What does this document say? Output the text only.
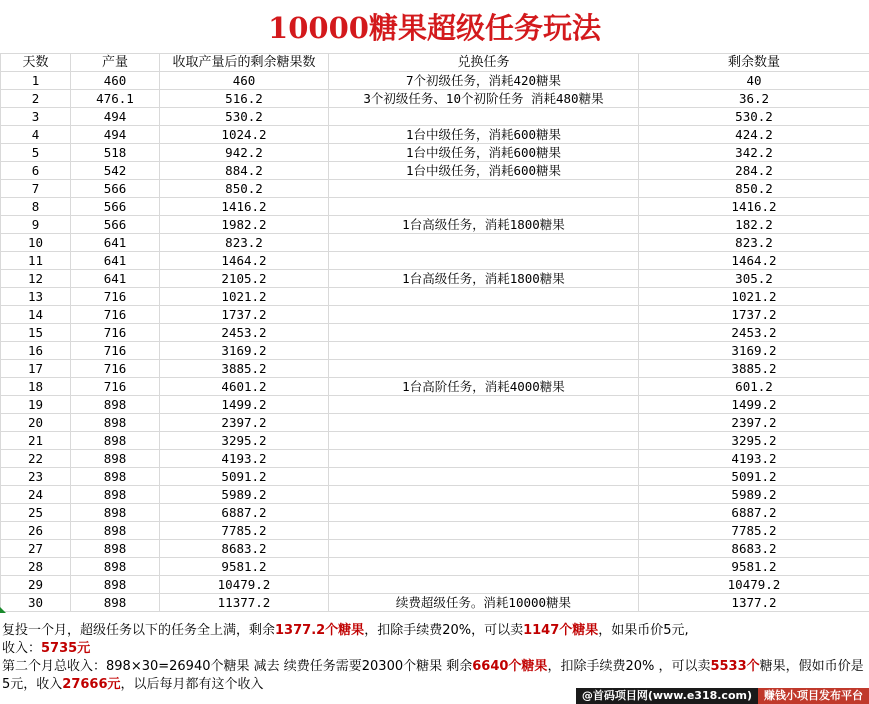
10000糖果超级任务玩法
天数	产量	收取产量后的剩余糖果数	兑换任务	剩余数量
1	460	460	7个初级任务，消耗420糖果	40
2	476.1	516.2	3个初级任务、10个初阶任务 消耗480糖果	36.2
3	494	530.2		530.2
4	494	1024.2	1台中级任务，消耗600糖果	424.2
5	518	942.2	1台中级任务，消耗600糖果	342.2
6	542	884.2	1台中级任务，消耗600糖果	284.2
7	566	850.2		850.2
8	566	1416.2		1416.2
9	566	1982.2	1台高级任务，消耗1800糖果	182.2
10	641	823.2		823.2
11	641	1464.2		1464.2
12	641	2105.2	1台高级任务，消耗1800糖果	305.2
13	716	1021.2		1021.2
14	716	1737.2		1737.2
15	716	2453.2		2453.2
16	716	3169.2		3169.2
17	716	3885.2		3885.2
18	716	4601.2	1台高阶任务，消耗4000糖果	601.2
19	898	1499.2		1499.2
20	898	2397.2		2397.2
21	898	3295.2		3295.2
22	898	4193.2		4193.2
23	898	5091.2		5091.2
24	898	5989.2		5989.2
25	898	6887.2		6887.2
26	898	7785.2		7785.2
27	898	8683.2		8683.2
28	898	9581.2		9581.2
29	898	10479.2		10479.2
30	898	11377.2	续费超级任务。消耗10000糖果	1377.2

复投一个月，超级任务以下的任务全上满，剩余1377.2个糖果，扣除手续费20%，可以卖1147个糖果，如果币价5元,

收入：5735元

第二个月总收入：898×30=26940个糖果 减去 续费任务需要20300个糖果 剩余6640个糖果，扣除手续费20% ，可以卖5533个糖果，假如币价是5元，收入27666元，以后每月都有这个收入

@首码项目网(www.e318.com)	赚钱小项目发布平台
